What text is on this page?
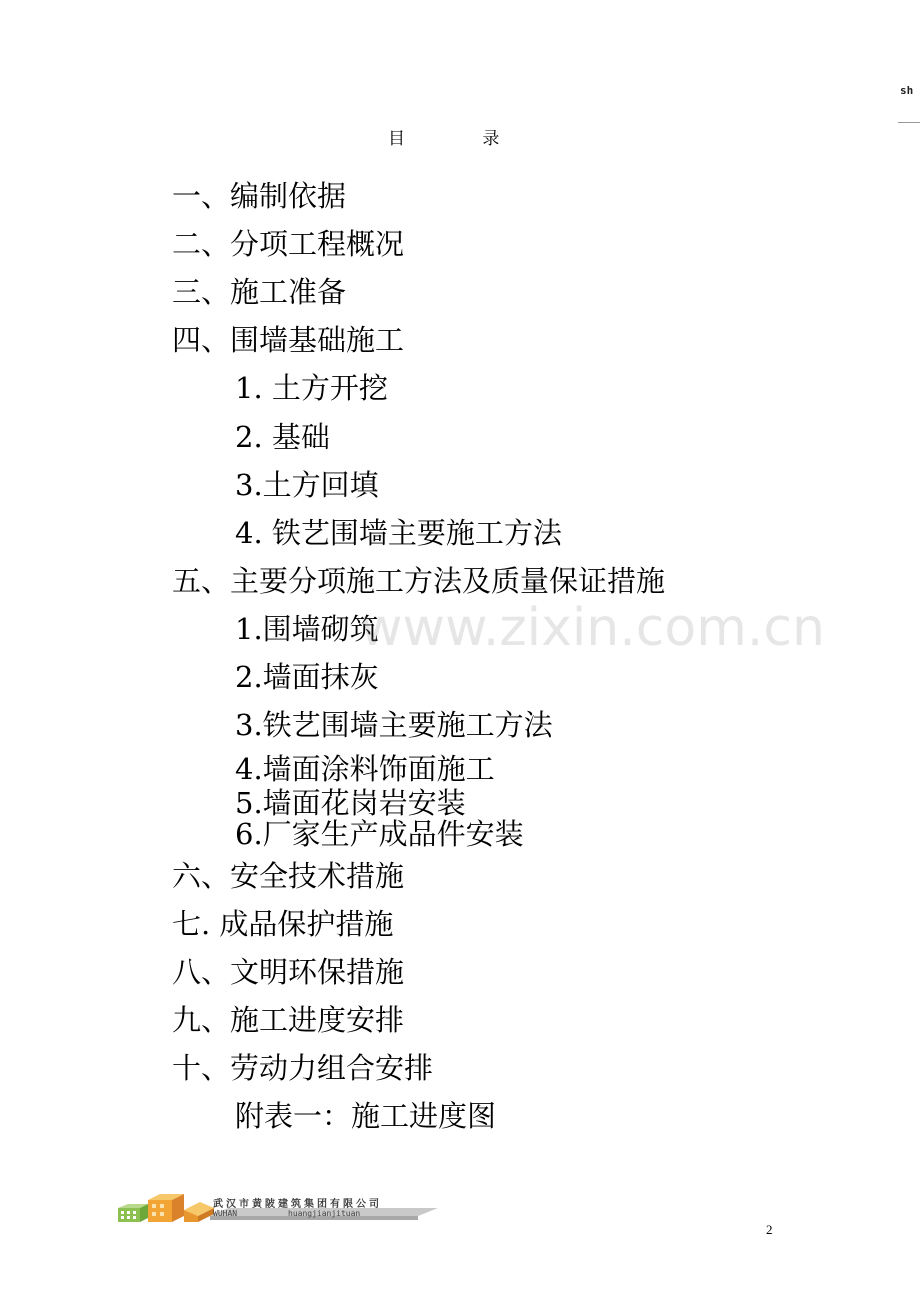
sh
目 录
一、编制依据
二、分项工程概况
三、施工准备
四、围墙基础施工
1. 土方开挖
2. 基础
3.土方回填
4. 铁艺围墙主要施工方法
五、主要分项施工方法及质量保证措施
1.围墙砌筑
2.墙面抹灰
3.铁艺围墙主要施工方法
4.墙面涂料饰面施工
5.墙面花岗岩安装
6.厂家生产成品件安装
六、安全技术措施
七. 成品保护措施
八、文明环保措施
九、施工进度安排
十、劳动力组合安排
附表一：施工进度图
www.zixin.com.cn
武汉市黄陂建筑集团有限公司
WUHAN	huangjianjituan
2
